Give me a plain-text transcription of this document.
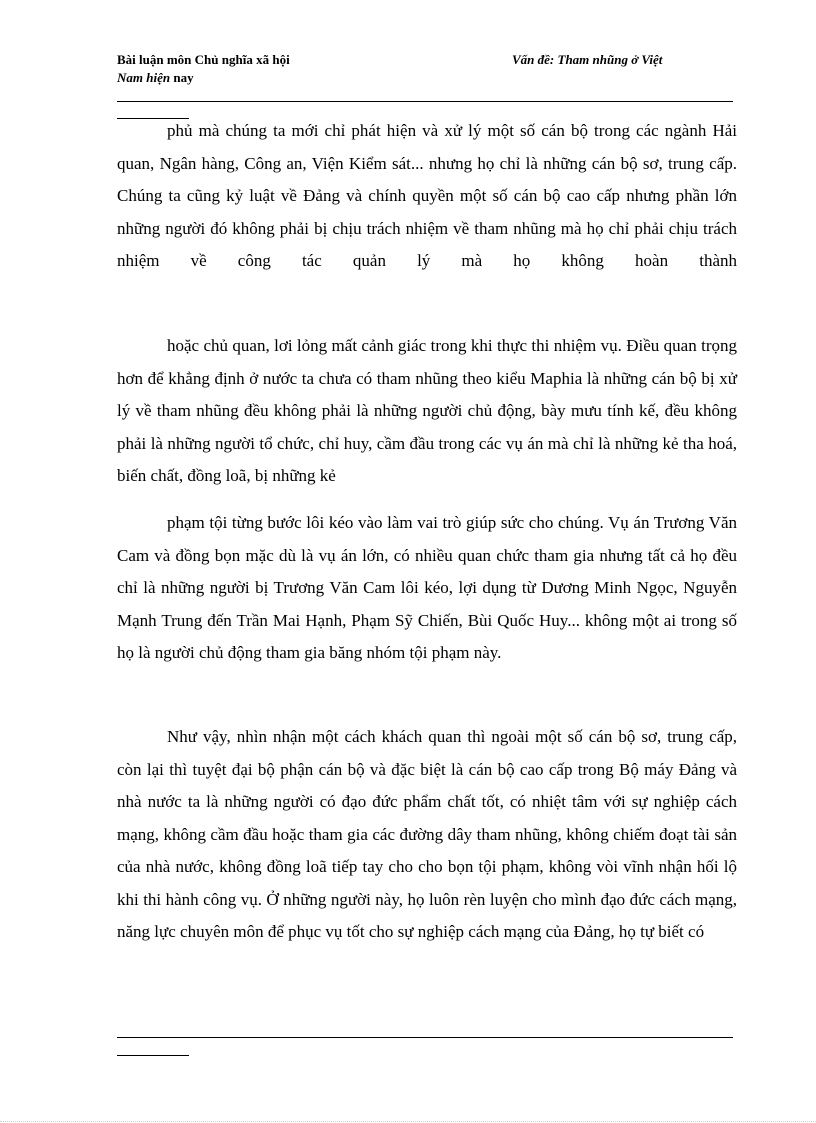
Bài luận môn Chủ nghĩa xã hội
Nam hiện nay
Vấn đề: Tham nhũng ở Việt

phủ mà chúng ta mới chỉ phát hiện và xử lý một số cán bộ trong các ngành Hải quan, Ngân hàng, Công an, Viện Kiểm sát... nhưng họ chỉ là những cán bộ sơ, trung cấp. Chúng ta cũng kỷ luật về Đảng và chính quyền một số cán bộ cao cấp nhưng phần lớn những người đó không phải bị chịu trách nhiệm về tham nhũng mà họ chỉ phải chịu trách nhiệm về công tác quản lý mà họ không hoàn thành

hoặc chủ quan, lơi lỏng mất cảnh giác trong khi thực thi nhiệm vụ. Điều quan trọng hơn để khẳng định ở nước ta chưa có tham nhũng theo kiểu Maphia là những cán bộ bị xử lý về tham nhũng đều không phải là những người chủ động, bày mưu tính kế, đều không phải là những người tổ chức, chỉ huy, cầm đầu trong các vụ án mà chỉ là những kẻ tha hoá, biến chất, đồng loã, bị những kẻ

phạm tội từng bước lôi kéo vào làm vai trò giúp sức cho chúng. Vụ án Trương Văn Cam và đồng bọn mặc dù là vụ án lớn, có nhiều quan chức tham gia nhưng tất cả họ đều chỉ là những người bị Trương Văn Cam lôi kéo, lợi dụng từ Dương Minh Ngọc, Nguyễn Mạnh Trung đến Trần Mai Hạnh, Phạm Sỹ Chiến, Bùi Quốc Huy... không một ai trong số họ là người chủ động tham gia băng nhóm tội phạm này.

Như vậy, nhìn nhận một cách khách quan thì ngoài một số cán bộ sơ, trung cấp, còn lại thì tuyệt đại bộ phận cán bộ và đặc biệt là cán bộ cao cấp trong Bộ máy Đảng và nhà nước ta là những người có đạo đức phẩm chất tốt, có nhiệt tâm với sự nghiệp cách mạng, không cầm đầu hoặc tham gia các đường dây tham nhũng, không chiếm đoạt tài sản của nhà nước, không đồng loã tiếp tay cho cho bọn tội phạm, không vòi vĩnh nhận hối lộ khi thi hành công vụ. Ở những người này, họ luôn rèn luyện cho mình đạo đức cách mạng, năng lực chuyên môn để phục vụ tốt cho sự nghiệp cách mạng của Đảng, họ tự biết có
